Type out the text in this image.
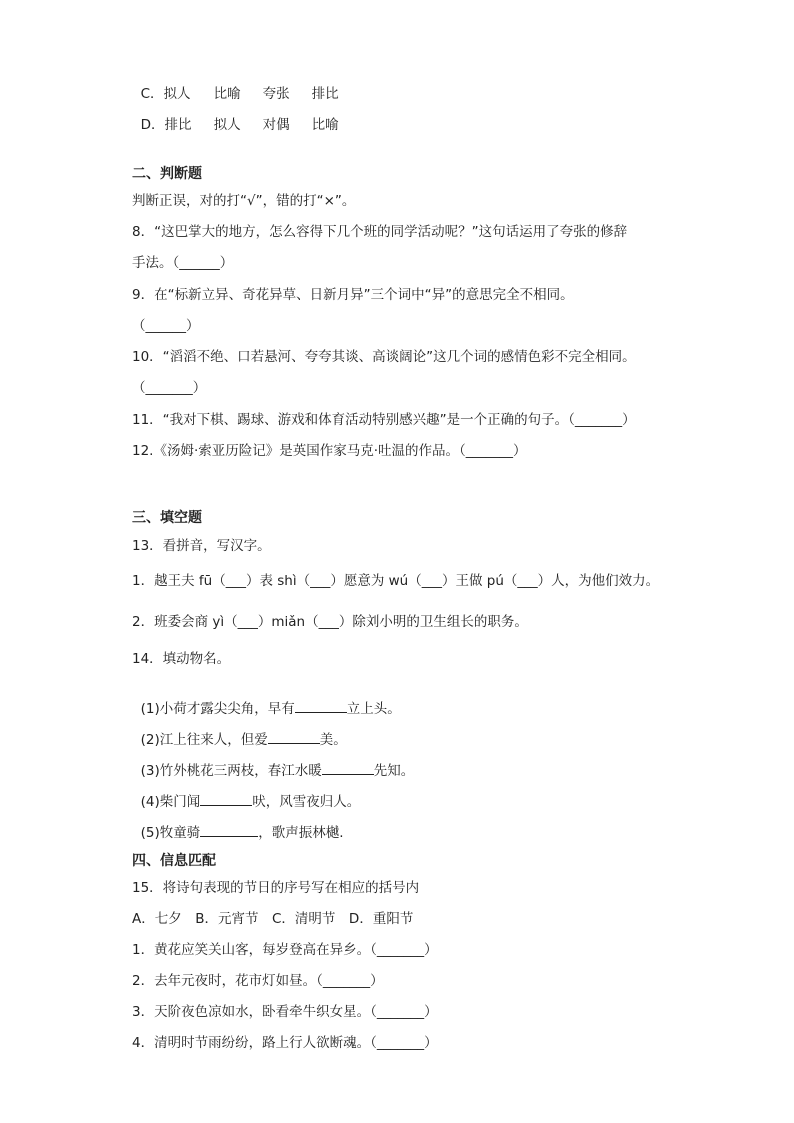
C．拟人 比喻 夸张 排比

D．排比 拟人 对偶 比喻

二、判断题
判断正误，对的打“√”，错的打“×”。
8．“这巴掌大的地方，怎么容得下几个班的同学活动呢？”这句话运用了夸张的修辞
手法。（______）
9．在“标新立异、奇花异草、日新月异”三个词中“异”的意思完全不相同。
（______）
10．“滔滔不绝、口若悬河、夸夸其谈、高谈阔论”这几个词的感情色彩不完全相同。
（_______）
11．“我对下棋、踢球、游戏和体育活动特别感兴趣”是一个正确的句子。（_______）
12.《汤姆·索亚历险记》是英国作家马克·吐温的作品。（_______）
三、填空题
13．看拼音，写汉字。
1．越王夫 fū（___）表 shì（___）愿意为 wú（___）王做 pú（___）人，为他们效力。
2．班委会商 yì（___）miǎn（___）除刘小明的卫生组长的职务。
14．填动物名。

(1)小荷才露尖尖角，早有	立上头。

(2)江上往来人，但爱	美。

(3)竹外桃花三两枝，春江水暖	先知。

(4)柴门闻	吠，风雪夜归人。

(5)牧童骑	，歌声振林樾.

四、信息匹配
15．将诗句表现的节日的序号写在相应的括号内
A．七夕　B．元宵节　C．清明节　D．重阳节
1．黄花应笑关山客，每岁登高在异乡。（_______）
2．去年元夜时，花市灯如昼。（_______）
3．天阶夜色凉如水，卧看牵牛织女星。（_______）
4．清明时节雨纷纷，路上行人欲断魂。（_______）
